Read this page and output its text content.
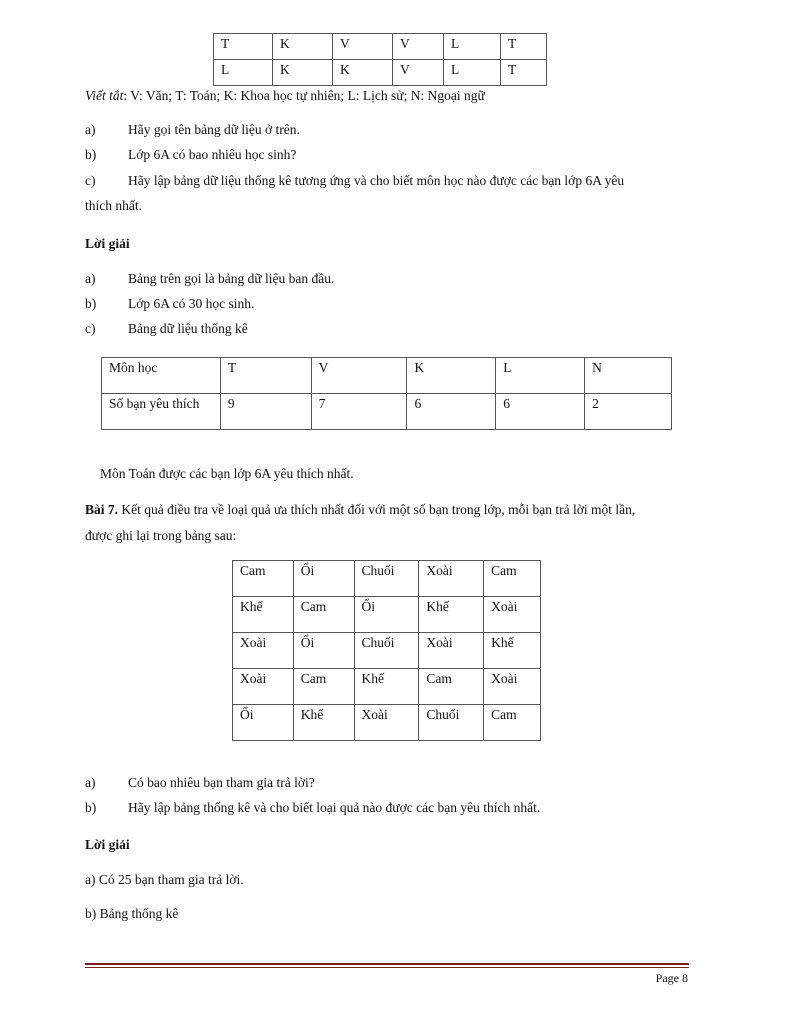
T	K	V	V	L	T
L	K	K	V	L	T
Viết tắt: V: Văn; T: Toán; K: Khoa học tự nhiên; L: Lịch sử; N: Ngoại ngữ
a) Hãy gọi tên bảng dữ liệu ở trên.
b) Lớp 6A có bao nhiêu học sinh?
c) Hãy lập bảng dữ liệu thống kê tương ứng và cho biết môn học nào được các bạn lớp 6A yêu
thích nhất.
Lời giải
a) Bảng trên gọi là bảng dữ liệu ban đầu.
b) Lớp 6A có 30 học sinh.
c) Bảng dữ liệu thống kê
Môn học	T	V	K	L	N
Số bạn yêu thích	9	7	6	6	2
Môn Toán được các bạn lớp 6A yêu thích nhất.
Bài 7. Kết quả điều tra về loại quả ưa thích nhất đối với một số bạn trong lớp, mỗi bạn trả lời một lần,
được ghi lại trong bảng sau:
Cam	Ổi	Chuối	Xoài	Cam
Khế	Cam	Ổi	Khế	Xoài
Xoài	Ổi	Chuối	Xoài	Khế
Xoài	Cam	Khế	Cam	Xoài
Ổi	Khế	Xoài	Chuối	Cam
a) Có bao nhiêu bạn tham gia trả lời?
b) Hãy lập bảng thống kê và cho biết loại quả nào được các bạn yêu thích nhất.
Lời giải
a) Có 25 bạn tham gia trả lời.
b) Bảng thống kê
Page 8
